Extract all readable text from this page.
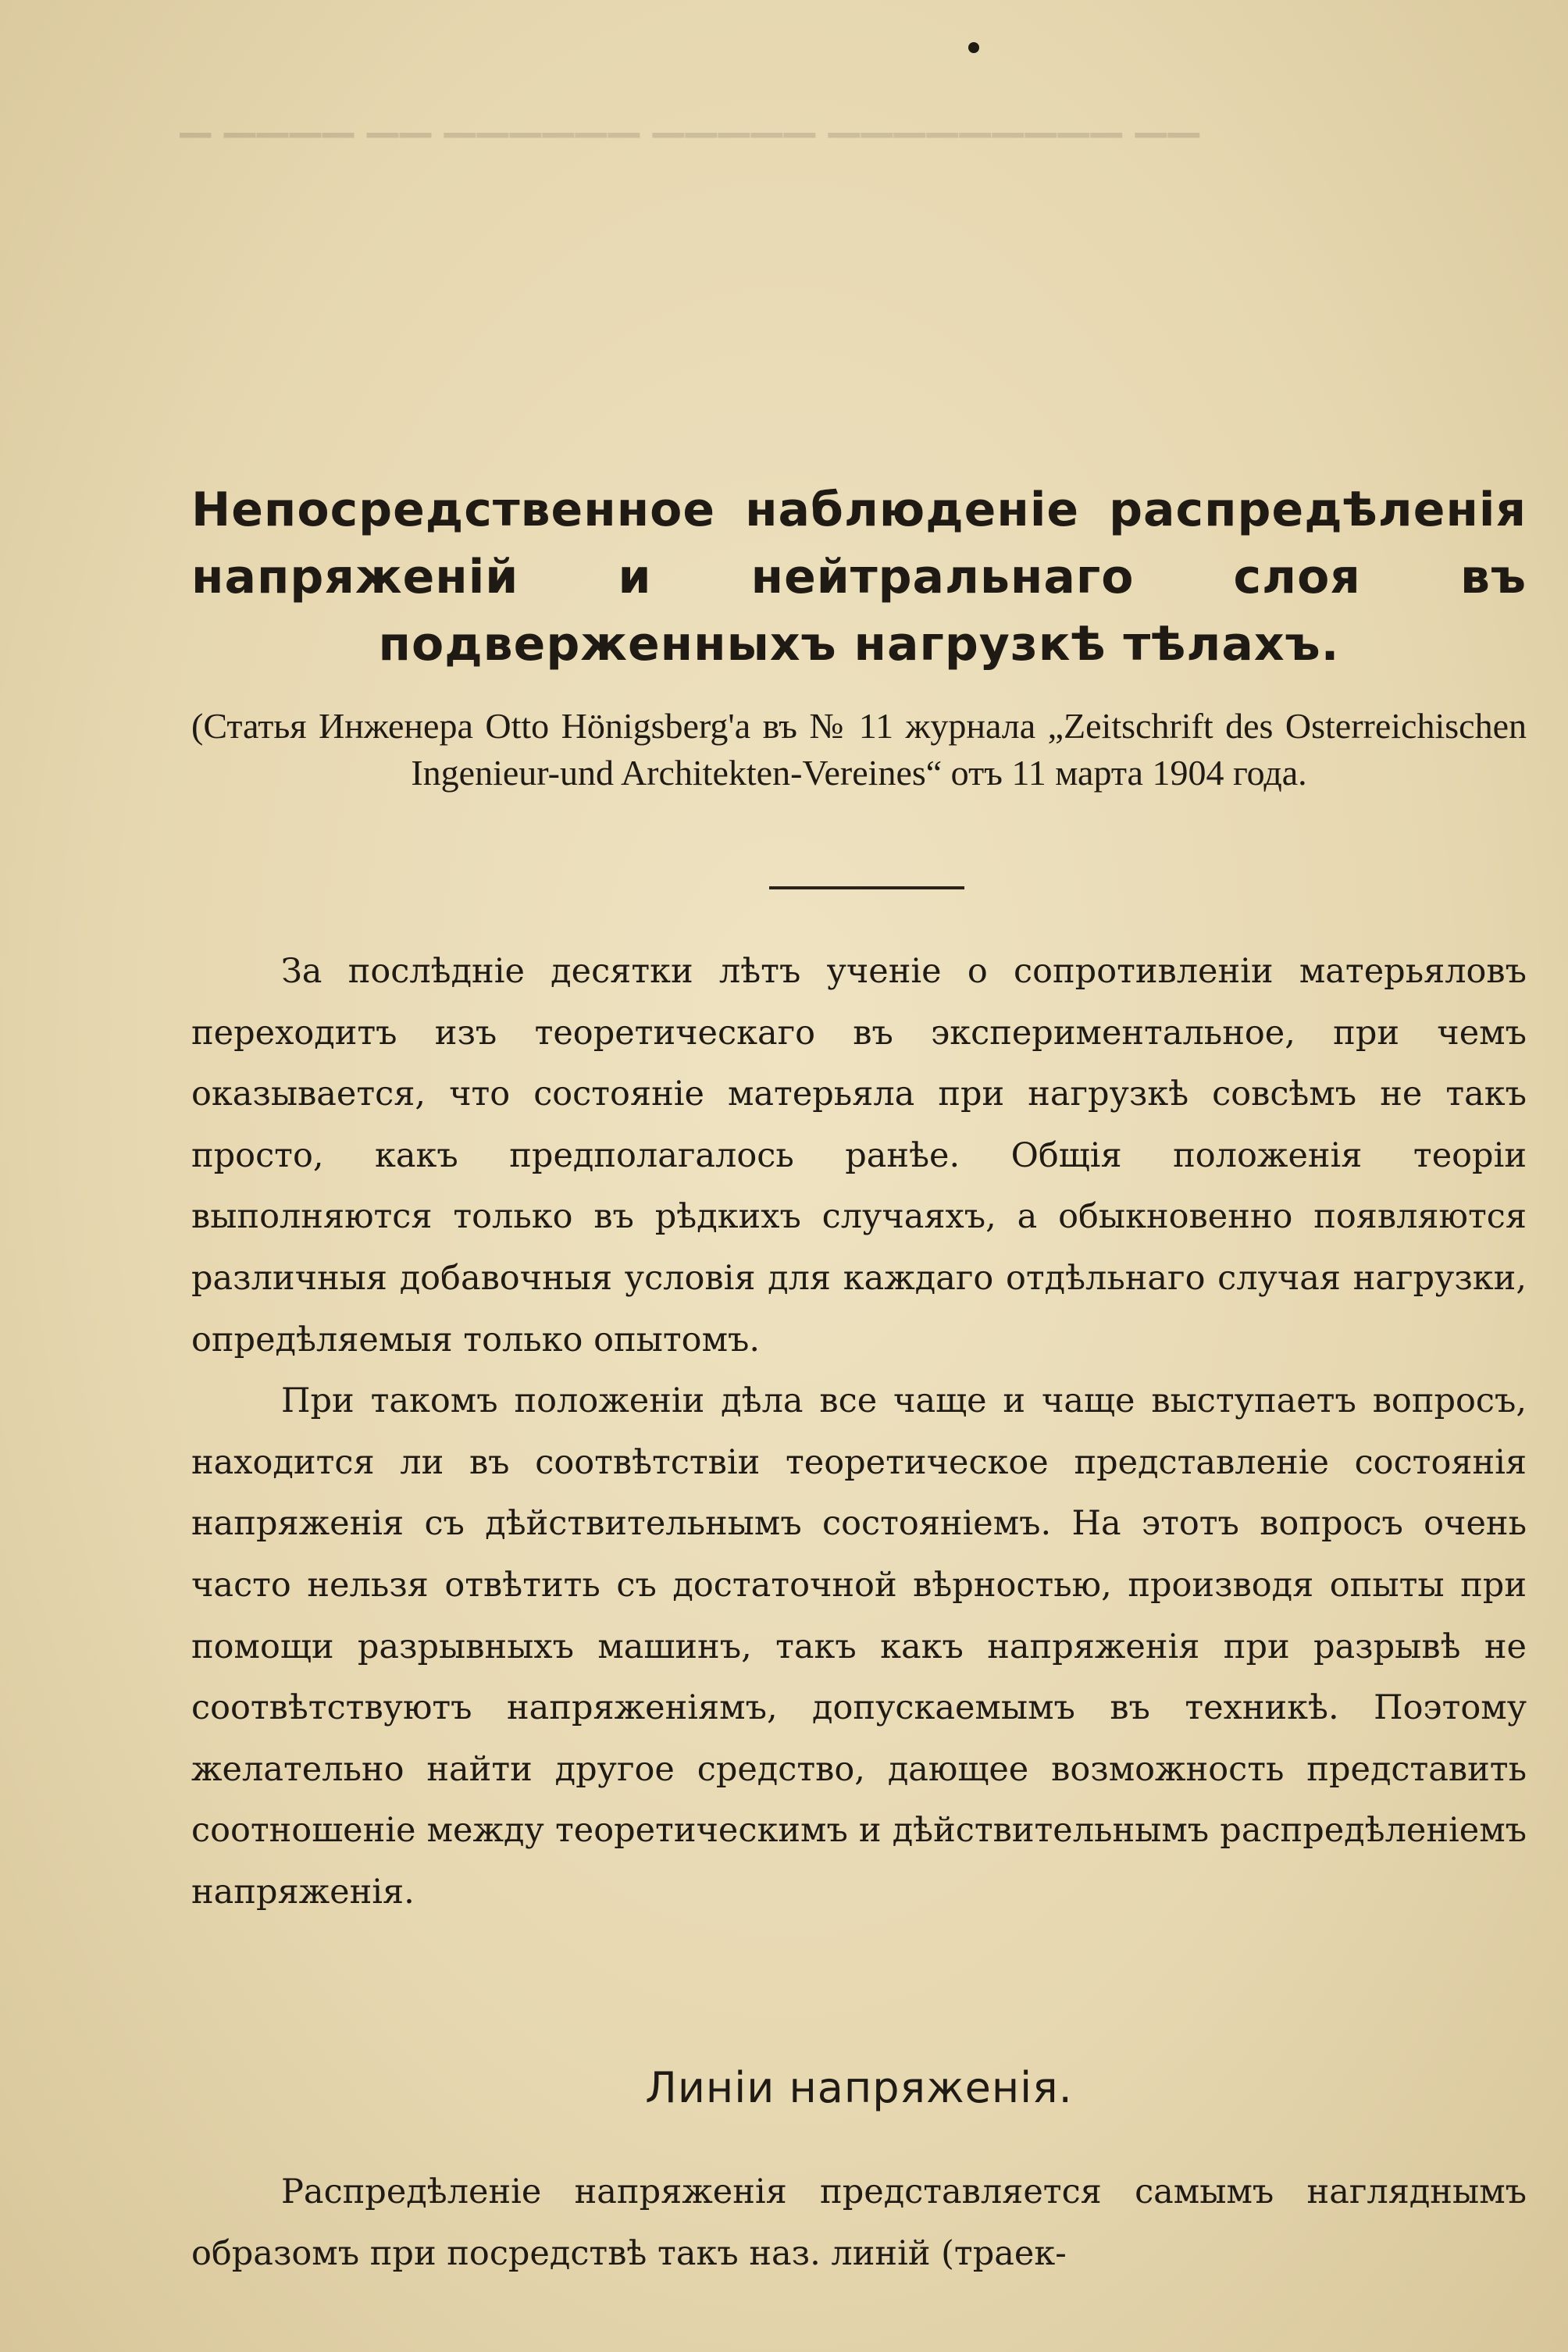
▔ ▔▔▔▔ ▔▔ ▔▔▔▔▔▔ ▔▔▔▔▔ ▔▔▔▔▔▔▔▔▔ ▔▔
Непосредственное наблюденіе распредѣленія напряженій и нейтральнаго слоя въ подверженныхъ нагрузкѣ тѣлахъ.
(Статья Инженера Otto Hönigsberg'а въ № 11 журнала „Zeitschrift des Osterreichischen Ingenieur-und Architekten-Vereines“ отъ 11 марта 1904 года.

За послѣдніе десятки лѣтъ ученіе о сопротивленіи матерьяловъ переходитъ изъ теоретическаго въ экспериментальное, при чемъ оказывается, что состояніе матерьяла при нагрузкѣ совсѣмъ не такъ просто, какъ предполагалось ранѣе. Общія положенія теоріи выполняются только въ рѣдкихъ случаяхъ, а обыкновенно появляются различныя добавочныя условія для каждаго отдѣльнаго случая нагрузки, опредѣляемыя только опытомъ.

При такомъ положеніи дѣла все чаще и чаще выступаетъ вопросъ, находится ли въ соотвѣтствіи теоретическое представленіе состоянія напряженія съ дѣйствительнымъ состояніемъ. На этотъ вопросъ очень часто нельзя отвѣтить съ достаточной вѣрностью, производя опыты при помощи разрывныхъ машинъ, такъ какъ напряженія при разрывѣ не соотвѣтствуютъ напряженіямъ, допускаемымъ въ техникѣ. Поэтому желательно найти другое средство, дающее возможность представить соотношеніе между теоретическимъ и дѣйствительнымъ распредѣленіемъ напряженія.

Линіи напряженія.

Распредѣленіе напряженія представляется самымъ нагляднымъ образомъ при посредствѣ такъ наз. линій (траек-
